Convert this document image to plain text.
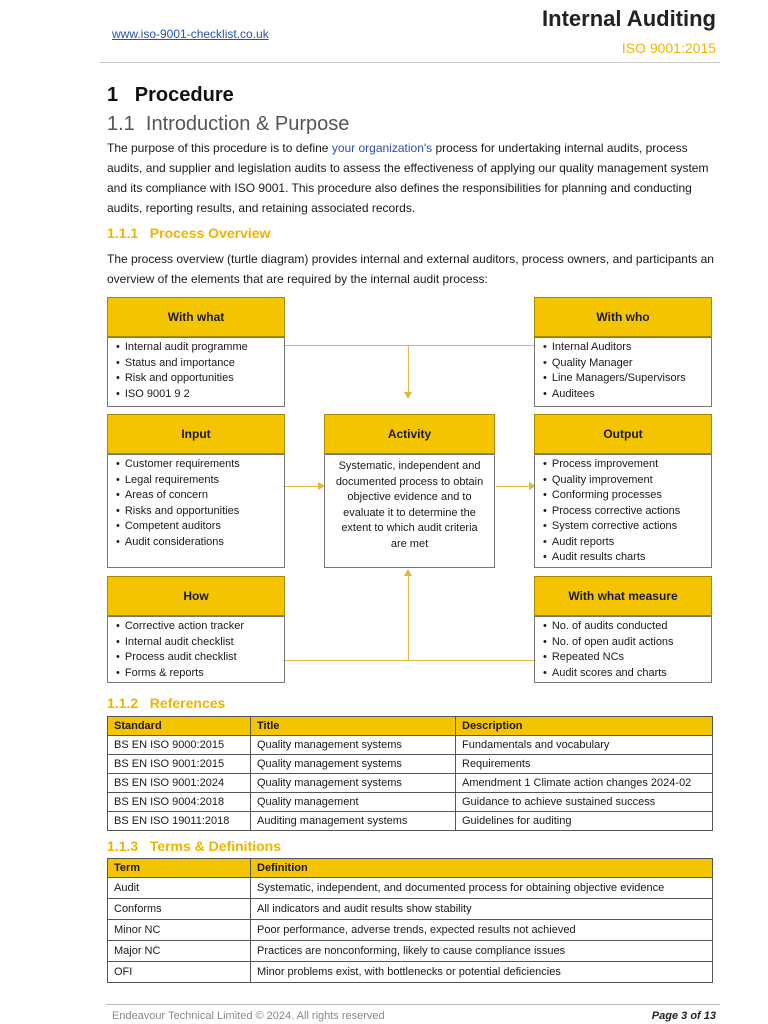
www.iso-9001-checklist.co.uk
Internal Auditing
ISO 9001:2015
1   Procedure
1.1  Introduction & Purpose
The purpose of this procedure is to define your organization's process for undertaking internal audits, process audits, and supplier and legislation audits to assess the effectiveness of applying our quality management system and its compliance with ISO 9001. This procedure also defines the responsibilities for planning and conducting audits, reporting results, and retaining associated records.
1.1.1   Process Overview
The process overview (turtle diagram) provides internal and external auditors, process owners, and participants an overview of the elements that are required by the internal audit process:
With what
• Internal audit programme
• Status and importance
• Risk and opportunities
• ISO 9001 9 2
With who
• Internal Auditors
• Quality Manager
• Line Managers/Supervisors
• Auditees
Input
• Customer requirements
• Legal requirements
• Areas of concern
• Risks and opportunities
• Competent auditors
• Audit considerations
Activity
Systematic, independent and documented process to obtain objective evidence and to evaluate it to determine the extent to which audit criteria are met
Output
• Process improvement
• Quality improvement
• Conforming processes
• Process corrective actions
• System corrective actions
• Audit reports
• Audit results charts
How
• Corrective action tracker
• Internal audit checklist
• Process audit checklist
• Forms & reports
With what measure
• No. of audits conducted
• No. of open audit actions
• Repeated NCs
• Audit scores and charts
1.1.2   References
Standard	Title	Description
BS EN ISO 9000:2015	Quality management systems	Fundamentals and vocabulary
BS EN ISO 9001:2015	Quality management systems	Requirements
BS EN ISO 9001:2024	Quality management systems	Amendment 1 Climate action changes 2024-02
BS EN ISO 9004:2018	Quality management	Guidance to achieve sustained success
BS EN ISO 19011:2018	Auditing management systems	Guidelines for auditing
1.1.3   Terms & Definitions
Term	Definition
Audit	Systematic, independent, and documented process for obtaining objective evidence
Conforms	All indicators and audit results show stability
Minor NC	Poor performance, adverse trends, expected results not achieved
Major NC	Practices are nonconforming, likely to cause compliance issues
OFI	Minor problems exist, with bottlenecks or potential deficiencies
Endeavour Technical Limited © 2024. All rights reserved	Page 3 of 13
